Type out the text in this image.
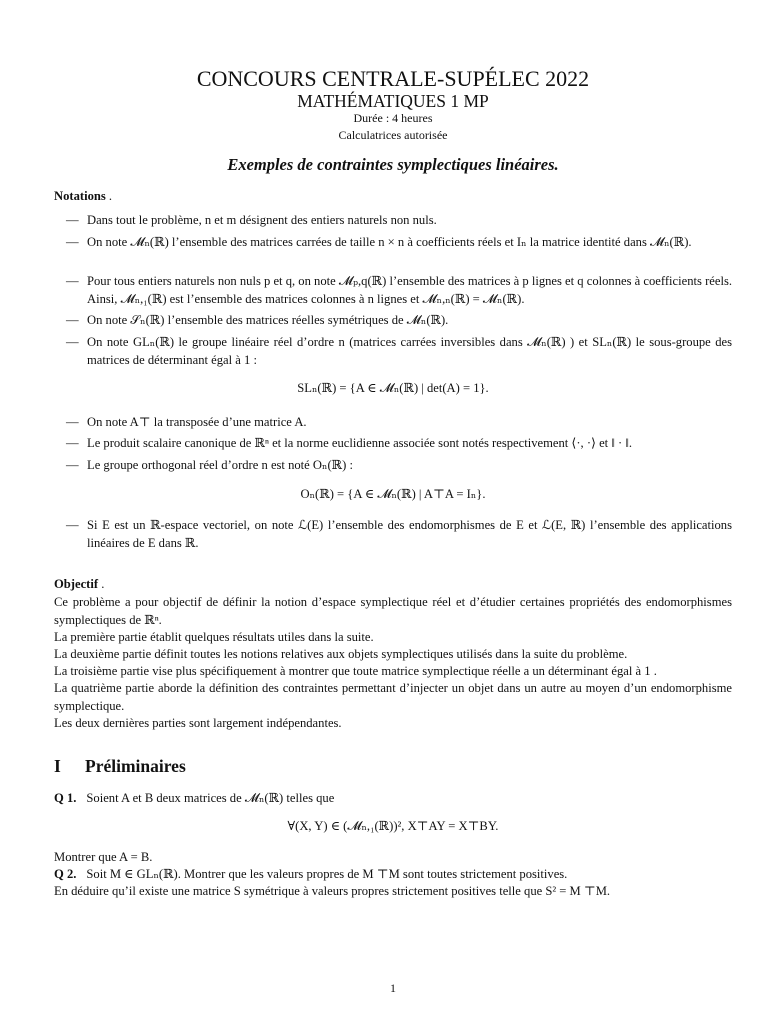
CONCOURS CENTRALE-SUPÉLEC 2022
MATHÉMATIQUES 1 MP
Durée : 4 heures
Calculatrices autorisée
Exemples de contraintes symplectiques linéaires.
Notations .
— Dans tout le problème, n et m désignent des entiers naturels non nuls.
— On note 𝓜ₙ(ℝ) l’ensemble des matrices carrées de taille n × n à coefficients réels et Iₙ la matrice identité dans 𝓜ₙ(ℝ).
— Pour tous entiers naturels non nuls p et q, on note 𝓜ₚ,q(ℝ) l’ensemble des matrices à p lignes et q colonnes à coefficients réels. Ainsi, 𝓜ₙ,₁(ℝ) est l’ensemble des matrices colonnes à n lignes et 𝓜ₙ,ₙ(ℝ) = 𝓜ₙ(ℝ).
— On note 𝒮ₙ(ℝ) l’ensemble des matrices réelles symétriques de 𝓜ₙ(ℝ).
— On note GLₙ(ℝ) le groupe linéaire réel d’ordre n (matrices carrées inversibles dans 𝓜ₙ(ℝ) ) et SLₙ(ℝ) le sous-groupe des matrices de déterminant égal à 1 :
SLₙ(ℝ) = {A ∈ 𝓜ₙ(ℝ) | det(A) = 1}.
— On note A⊤ la transposée d’une matrice A.
— Le produit scalaire canonique de ℝⁿ et la norme euclidienne associée sont notés respectivement ⟨·, ·⟩ et ‖ · ‖.
— Le groupe orthogonal réel d’ordre n est noté Oₙ(ℝ) :
Oₙ(ℝ) = {A ∈ 𝓜ₙ(ℝ) | A⊤A = Iₙ}.
— Si E est un ℝ-espace vectoriel, on note ℒ(E) l’ensemble des endomorphismes de E et ℒ(E, ℝ) l’ensemble des applications linéaires de E dans ℝ.
Objectif .
Ce problème a pour objectif de définir la notion d’espace symplectique réel et d’étudier certaines propriétés des endomorphismes symplectiques de ℝⁿ.
La première partie établit quelques résultats utiles dans la suite.
La deuxième partie définit toutes les notions relatives aux objets symplectiques utilisés dans la suite du problème.
La troisième partie vise plus spécifiquement à montrer que toute matrice symplectique réelle a un déterminant égal à 1 .
La quatrième partie aborde la définition des contraintes permettant d’injecter un objet dans un autre au moyen d’un endomorphisme symplectique.
Les deux dernières parties sont largement indépendantes.
I Préliminaires
Q 1. Soient A et B deux matrices de 𝓜ₙ(ℝ) telles que
∀(X, Y) ∈ (𝓜ₙ,₁(ℝ))², X⊤AY = X⊤BY.
Montrer que A = B.
Q 2. Soit M ∈ GLₙ(ℝ). Montrer que les valeurs propres de M ⊤M sont toutes strictement positives.
En déduire qu’il existe une matrice S symétrique à valeurs propres strictement positives telle que S² = M ⊤M.
1
